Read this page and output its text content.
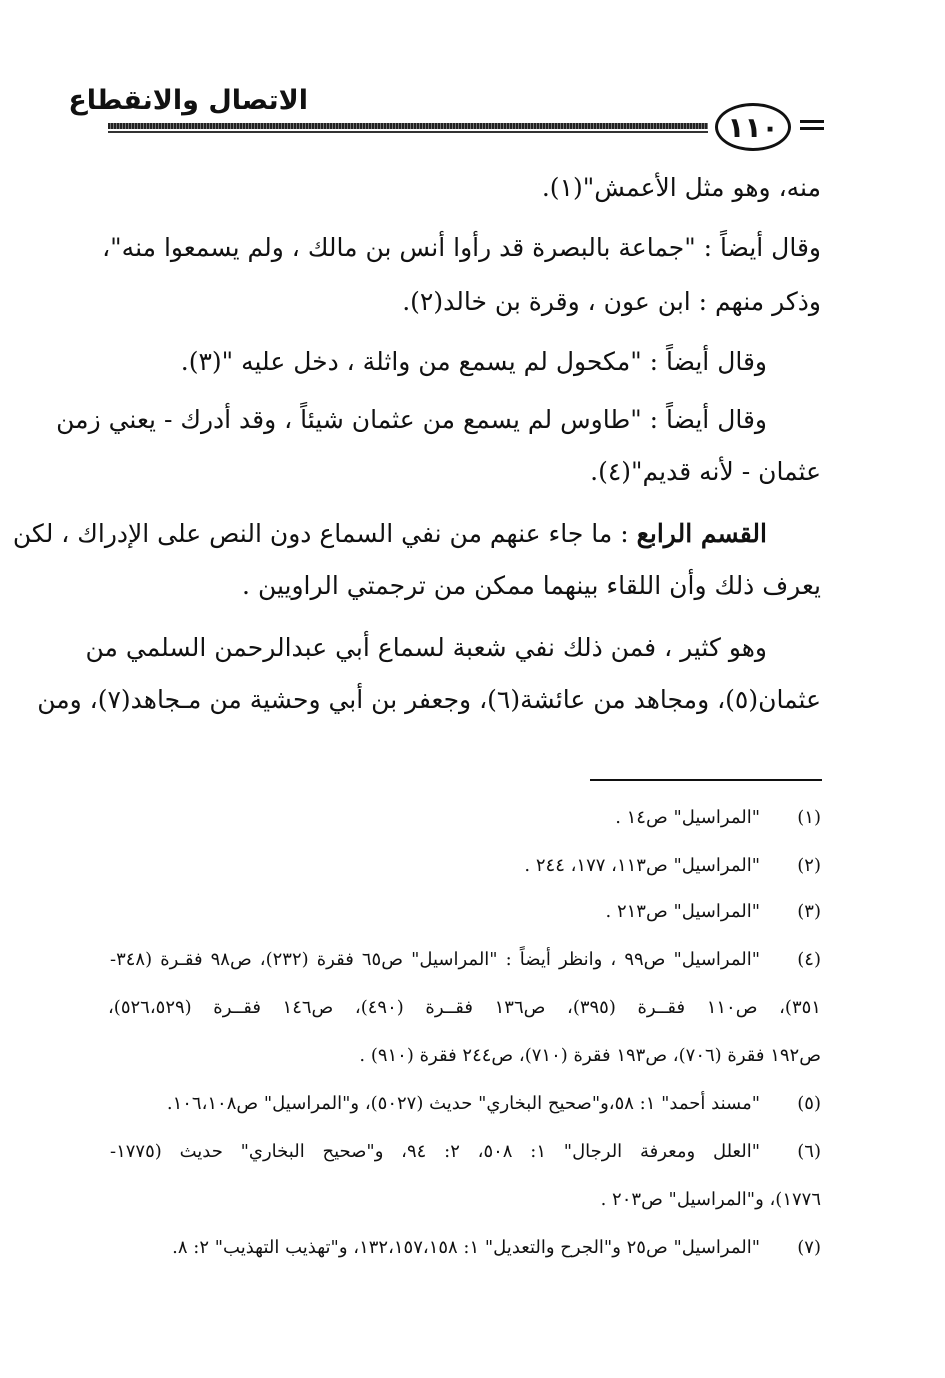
الاتصال والانقطاع
١١٠
منه، وهو مثل الأعمش"(١).
وقال أيضاً : "جماعة بالبصرة قد رأوا أنس بن مالك ، ولم يسمعوا منه"،
وذكر منهم : ابن عون ، وقرة بن خالد(٢).
وقال أيضاً : "مكحول لم يسمع من واثلة ، دخل عليه "(٣).
وقال أيضاً : "طاوس لم يسمع من عثمان شيئاً ، وقد أدرك - يعني زمن
عثمان - لأنه قديم"(٤).
القسم الرابع : ما جاء عنهم من نفي السماع دون النص على الإدراك ، لكن
يعرف ذلك وأن اللقاء بينهما ممكن من ترجمتي الراويين .
وهو كثير ، فمن ذلك نفي شعبة لسماع أبي عبدالرحمن السلمي من
عثمان(٥)، ومجاهد من عائشة(٦)، وجعفر بن أبي وحشية من مـجاهد(٧)، ومن
(١)
"المراسيل" ص١٤ .
(٢)
"المراسيل" ص١١٣، ١٧٧، ٢٤٤ .
(٣)
"المراسيل" ص٢١٣ .
(٤)
"المراسيل" ص٩٩ ، وانظر أيضاً : "المراسيل" ص٦٥ فقرة (٢٣٢)، ص٩٨ فقـرة (٣٤٨-
٣٥١)، ص١١٠ فقــرة (٣٩٥)، ص١٣٦ فقــرة (٤٩٠)، ص١٤٦ فقــرة (٥٢٦،٥٢٩)،
ص١٩٢ فقرة (٧٠٦)، ص١٩٣ فقرة (٧١٠)، ص٢٤٤ فقرة (٩١٠) .
(٥)
"مسند أحمد" ١: ٥٨،و"صحيح البخاري" حديث (٥٠٢٧)، و"المراسيل" ص١٠٦،١٠٨.
(٦)
"العلل ومعرفة الرجال" ١: ٥٠٨، ٢: ٩٤، و"صحيح البخاري" حديث (١٧٧٥-
١٧٧٦)، و"المراسيل" ص٢٠٣ .
(٧)
"المراسيل" ص٢٥ و"الجرح والتعديل" ١: ١٣٢،١٥٧،١٥٨، و"تهذيب التهذيب" ٢: ٨.
